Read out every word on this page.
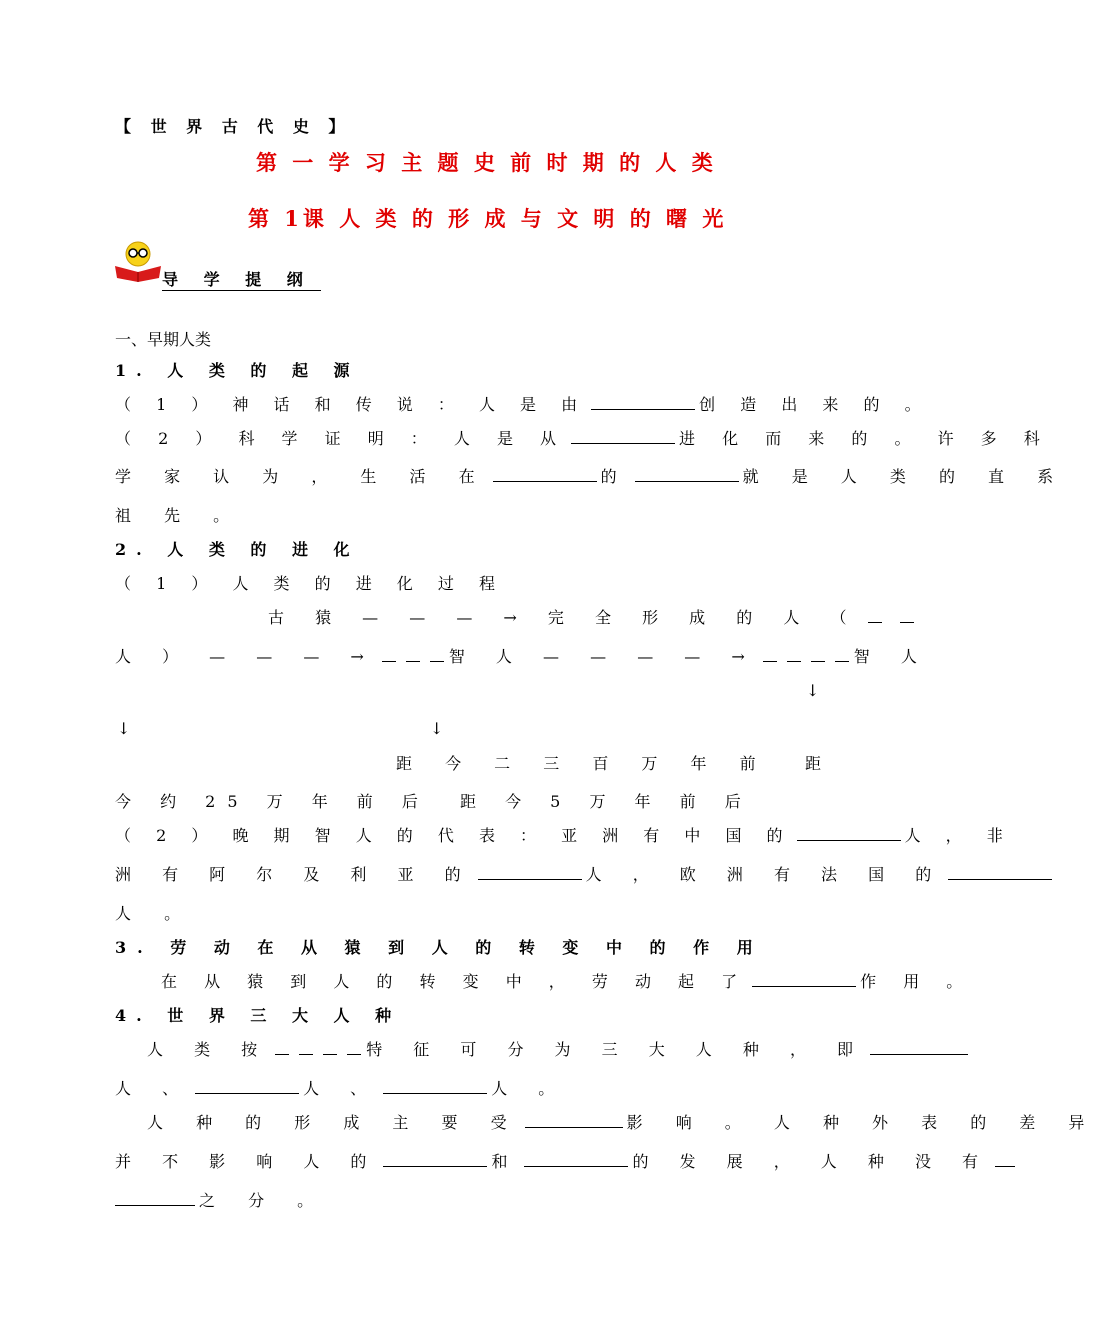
【 世 界 古 代 史 】
第 一 学 习 主 题 史 前 时 期 的 人 类
第 1课 人 类 的 形 成 与 文 明 的 曙 光
导 学 提 纲
一、早期人类
1. 人 类 的 起 源
（ 1 ） 神 话 和 传 说 ： 人 是 由	创 造 出 来 的 。
（ 2 ） 科 学 证 明 ： 人 是 从	进 化 而 来 的 。 许 多 科
学 家 认 为 ， 生 活 在	的	就 是 人 类 的 直 系
祖 先 。
2. 人 类 的 进 化
（ 1 ） 人 类 的 进 化 过 程
古 猿 — — — → 完 全 形 成 的 人 （
人 ） — — — →	智 人 — — — — →	智 人
↓
↓	↓
距 今 二 三 百 万 年 前 距
今 约 25 万 年 前 后 距 今 5 万 年 前 后
（ 2 ） 晚 期 智 人 的 代 表 ： 亚 洲 有 中 国 的	人 ， 非
洲 有 阿 尔 及 利 亚 的	人 ， 欧 洲 有 法 国 的
人 。
3. 劳 动 在 从 猿 到 人 的 转 变 中 的 作 用
在 从 猿 到 人 的 转 变 中 ， 劳 动 起 了	作 用 。
4. 世 界 三 大 人 种
人 类 按	特 征 可 分 为 三 大 人 种 ， 即
人 、	人 、	人 。
人 种 的 形 成 主 要 受	影 响 。 人 种 外 表 的 差 异
并 不 影 响 人 的	和	的 发 展 ， 人 种 没 有
之 分 。
